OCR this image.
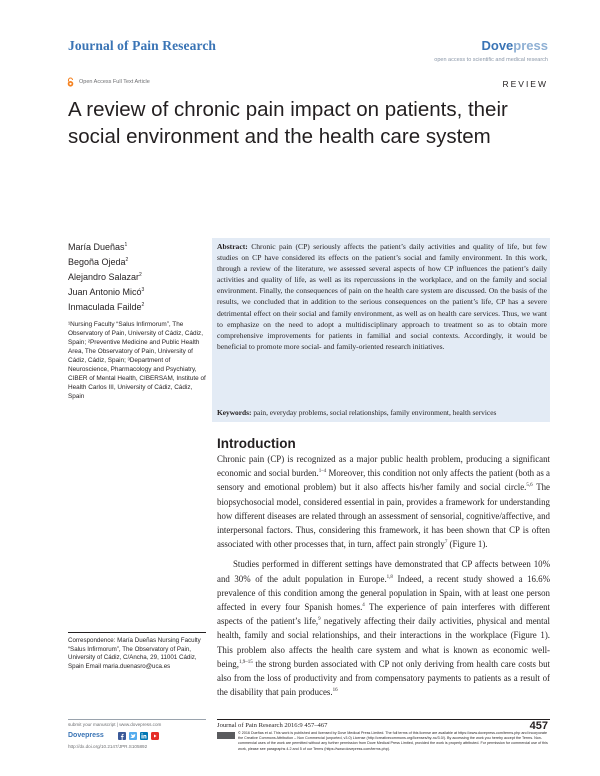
Journal of Pain Research	Dovepress
open access to scientific and medical research
Open Access Full Text Article	REVIEW
A review of chronic pain impact on patients, their social environment and the health care system
María Dueñas$^1$
Begoña Ojeda$^2$
Alejandro Salazar$^2$
Juan Antonio Micó$^3$
Inmaculada Failde$^2$
¹Nursing Faculty “Salus Infirmorum”, The Observatory of Pain, University of Cádiz, Cádiz, Spain; ²Preventive Medicine and Public Health Area, The Observatory of Pain, University of Cádiz, Cádiz, Spain; ³Department of Neuroscience, Pharmacology and Psychiatry, CIBER of Mental Health, CIBERSAM, Institute of Health Carlos III, University of Cádiz, Cádiz, Spain
Correspondence: María Dueñas Nursing Faculty “Salus Infirmorum”, The Observatory of Pain, University of Cádiz, C/Ancha, 29, 11001 Cádiz, Spain Email maria.duenasro@uca.es
Abstract: Chronic pain (CP) seriously affects the patient’s daily activities and quality of life, but few studies on CP have considered its effects on the patient’s social and family environment. In this work, through a review of the literature, we assessed several aspects of how CP influences the patient’s daily activities and quality of life, as well as its repercussions in the workplace, and on the family and social environment. Finally, the consequences of pain on the health care system are discussed. On the basis of the results, we concluded that in addition to the serious consequences on the patient’s life, CP has a severe detrimental effect on their social and family environment, as well as on health care services. Thus, we want to emphasize on the need to adopt a multidisciplinary approach to treatment so as to obtain more comprehensive improvements for patients in familial and social contexts. Accordingly, it would be beneficial to promote more social- and family-oriented research initiatives.
Keywords: pain, everyday problems, social relationships, family environment, health services
Introduction

Chronic pain (CP) is recognized as a major public health problem, producing a significant economic and social burden.$^{1-4}$ Moreover, this condition not only affects the patient (both as a sensory and emotional problem) but it also affects his/her family and social circle.$^{5,6}$ The biopsychosocial model, considered essential in pain, provides a framework for understanding how different diseases are related through an assessment of sensorial, cognitive/affective, and interpersonal factors. Thus, considering this framework, it has been shown that CP is often associated with other processes that, in turn, affect pain strongly$^7$ (Figure 1).

Studies performed in different settings have demonstrated that CP affects between 10% and 30% of the adult population in Europe.$^{1,8}$ Indeed, a recent study showed a 16.6% prevalence of this condition among the general population in Spain, with at least one person affected in every four Spanish homes.$^4$ The experience of pain interferes with different aspects of the patient’s life,$^9$ negatively affecting their daily activities, physical and mental health, family and social relationships, and their interactions in the workplace (Figure 1). This problem also affects the health care system and what is known as economic well-being,$^{1,9-15}$ the strong burden associated with CP not only deriving from health care costs but also from the loss of productivity and from compensatory payments to patients as a result of the disability that pain produces.$^{16}$

submit your manuscript | www.dovepress.com
Dovepress
http://dx.doi.org/10.2147/JPR.S105892
Journal of Pain Research 2016:9 457–467	457
© 2016 Dueñas et al. This work is published and licensed by Dove Medical Press Limited. The full terms of this license are available at https://www.dovepress.com/terms.php and incorporate the Creative Commons Attribution – Non Commercial (unported, v3.0) License (http://creativecommons.org/licenses/by-nc/3.0/). By accessing the work you hereby accept the Terms. Non-commercial uses of the work are permitted without any further permission from Dove Medical Press Limited, provided the work is properly attributed. For permission for commercial use of this work, please see paragraphs 4.2 and 5 of our Terms (https://www.dovepress.com/terms.php).
